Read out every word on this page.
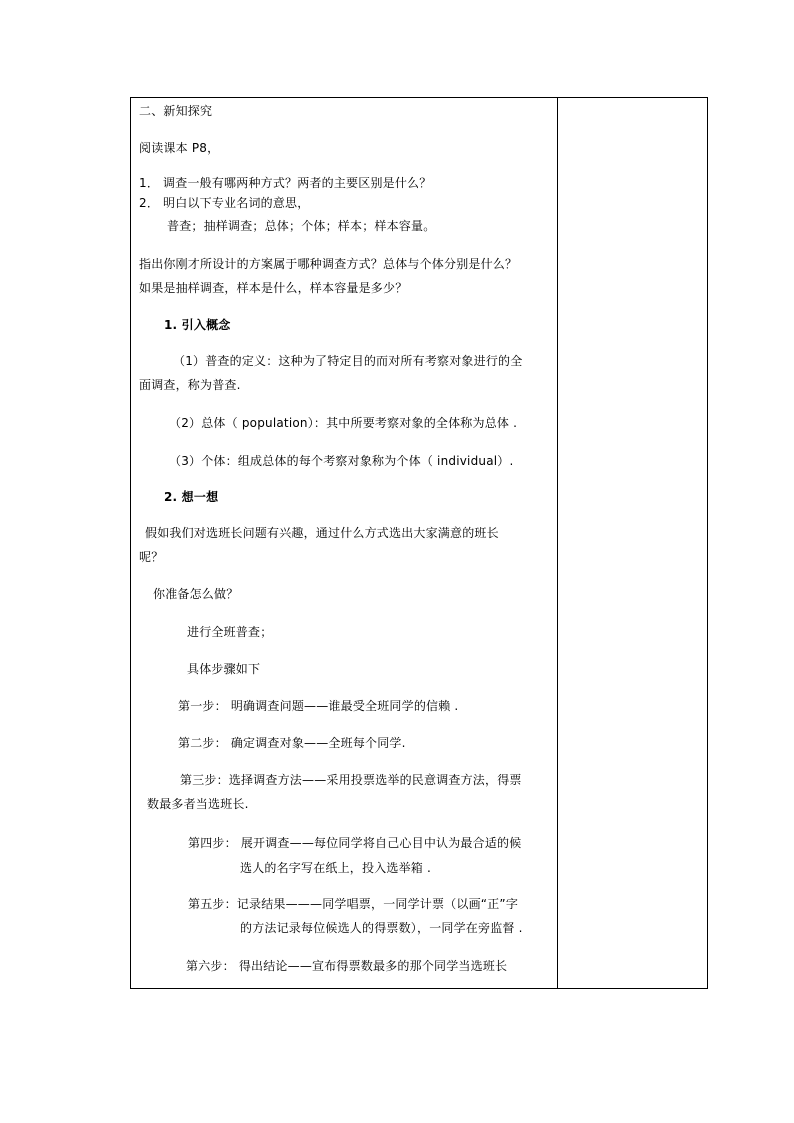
二、新知探究
阅读课本 P8，
1． 调查一般有哪两种方式？两者的主要区别是什么？
2． 明白以下专业名词的意思，
普查；抽样调查；总体；个体；样本；样本容量。
指出你刚才所设计的方案属于哪种调查方式？总体与个体分别是什么？
如果是抽样调查，样本是什么，样本容量是多少？
1. 引入概念
（1）普查的定义：这种为了特定目的而对所有考察对象进行的全
面调查，称为普查.
（2）总体（ population）：其中所要考察对象的全体称为总体 .
（3）个体：组成总体的每个考察对象称为个体（ individual）.
2. 想一想
假如我们对选班长问题有兴趣，通过什么方式选出大家满意的班长
呢？
你准备怎么做？
进行全班普查；
具体步骤如下
第一步： 明确调查问题——谁最受全班同学的信赖 .
第二步： 确定调查对象——全班每个同学.
第三步：选择调查方法——采用投票选举的民意调查方法，得票
数最多者当选班长.
第四步： 展开调查——每位同学将自己心目中认为最合适的候
选人的名字写在纸上，投入选举箱 .
第五步：记录结果———同学唱票，一同学计票（以画“正”字
的方法记录每位候选人的得票数），一同学在旁监督 .
第六步： 得出结论——宣布得票数最多的那个同学当选班长
